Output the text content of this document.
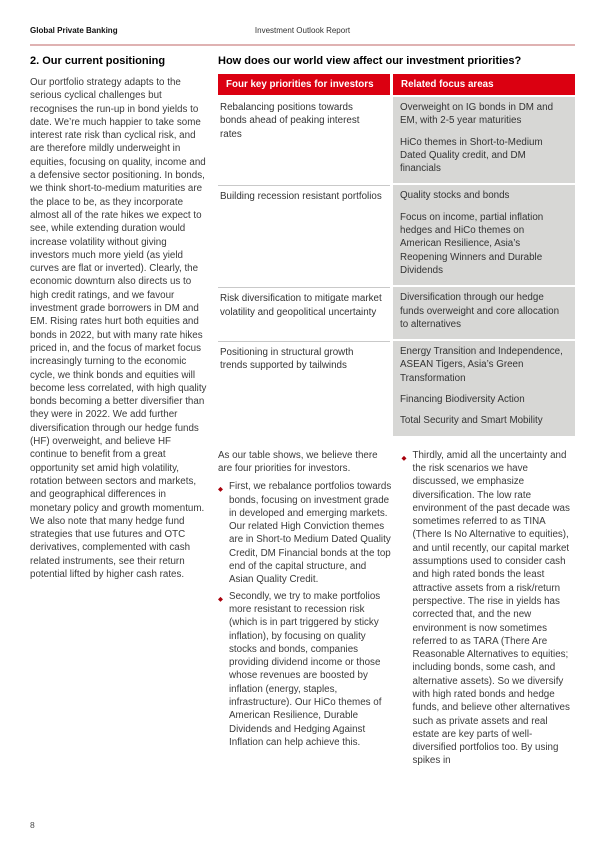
Global Private Banking	Investment Outlook Report
2. Our current positioning
Our portfolio strategy adapts to the serious cyclical challenges but recognises the run-up in bond yields to date. We’re much happier to take some interest rate risk than cyclical risk, and are therefore mildly underweight in equities, focusing on quality, income and a defensive sector positioning. In bonds, we think short-to-medium maturities are the place to be, as they incorporate almost all of the rate hikes we expect to see, while extending duration would increase volatility without giving investors much more yield (as yield curves are flat or inverted). Clearly, the economic downturn also directs us to high credit ratings, and we favour investment grade borrowers in DM and EM. Rising rates hurt both equities and bonds in 2022, but with many rate hikes priced in, and the focus of market focus increasingly turning to the economic cycle, we think bonds and equities will become less correlated, with high quality bonds becoming a better diversifier than they were in 2022. We add further diversification through our hedge funds (HF) overweight, and believe HF continue to benefit from a great opportunity set amid high volatility, rotation between sectors and markets, and geographical differences in monetary policy and growth momentum. We also note that many hedge fund strategies that use futures and OTC derivatives, complemented with cash related instruments, see their return potential lifted by higher cash rates.
How does our world view affect our investment priorities?
Four key priorities for investors	Related focus areas

Rebalancing positions towards bonds ahead of peaking interest rates

Overweight on IG bonds in DM and EM, with 2-5 year maturities

HiCo themes in Short-to-Medium Dated Quality credit, and DM financials

Building recession resistant portfolios Quality stocks and bonds

Focus on income, partial inflation hedges and HiCo themes on American Resilience, Asia’s Reopening Winners and Durable Dividends

Risk diversification to mitigate market volatility and geopolitical uncertainty

Diversification through our hedge funds overweight and core allocation to alternatives

Positioning in structural growth trends supported by tailwinds

Energy Transition and Independence, ASEAN Tigers, Asia’s Green Transformation

Financing Biodiversity Action

Total Security and Smart Mobility

As our table shows, we believe there are four priorities for investors.

◆ First, we rebalance portfolios towards bonds, focusing on investment grade in developed and emerging markets. Our related High Conviction themes are in Short-to Medium Dated Quality Credit, DM Financial bonds at the top end of the capital structure, and Asian Quality Credit.
◆ Secondly, we try to make portfolios more resistant to recession risk (which is in part triggered by sticky inflation), by focusing on quality stocks and bonds, companies providing dividend income or those whose revenues are boosted by inflation (energy, staples, infrastructure). Our HiCo themes of American Resilience, Durable Dividends and Hedging Against Inflation can help achieve this.
◆ Thirdly, amid all the uncertainty and the risk scenarios we have discussed, we emphasize diversification. The low rate environment of the past decade was sometimes referred to as TINA (There Is No Alternative to equities), and until recently, our capital market assumptions used to consider cash and high rated bonds the least attractive assets from a risk/return perspective. The rise in yields has corrected that, and the new environment is now sometimes referred to as TARA (There Are Reasonable Alternatives to equities; including bonds, some cash, and alternative assets). So we diversify with high rated bonds and hedge funds, and believe other alternatives such as private assets and real estate are key parts of well-diversified portfolios too. By using spikes in
8
